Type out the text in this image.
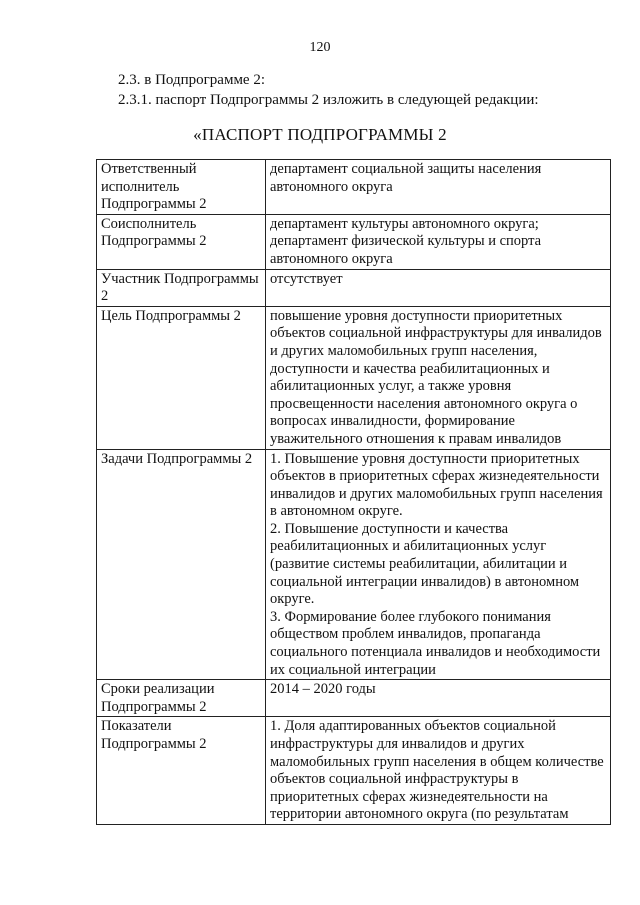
120

2.3. в Подпрограмме 2:

2.3.1. паспорт Подпрограммы 2 изложить в следующей редакции:

«ПАСПОРТ ПОДПРОГРАММЫ 2
Ответственный исполнитель Подпрограммы 2	департамент социальной защиты населения автономного округа
Соисполнитель Подпрограммы 2	департамент культуры автономного округа;
департамент физической культуры и спорта автономного округа
Участник Подпрограммы 2	отсутствует
Цель Подпрограммы 2	повышение уровня доступности приоритетных объектов социальной инфраструктуры для инвалидов и других маломобильных групп населения, доступности и качества реабилитационных и абилитационных услуг, а также уровня просвещенности населения автономного округа о вопросах инвалидности, формирование уважительного отношения к правам инвалидов
Задачи Подпрограммы 2	1. Повышение уровня доступности приоритетных объектов в приоритетных сферах жизнедеятельности инвалидов и других маломобильных групп населения в автономном округе.
2. Повышение доступности и качества реабилитационных и абилитационных услуг (развитие системы реабилитации, абилитации и социальной интеграции инвалидов) в автономном округе.
3. Формирование более глубокого понимания обществом проблем инвалидов, пропаганда социального потенциала инвалидов и необходимости их социальной интеграции
Сроки реализации Подпрограммы 2	2014 – 2020 годы

Показатели Подпрограммы 2	1. Доля адаптированных объектов социальной инфраструктуры для инвалидов и других маломобильных групп населения в общем количестве объектов социальной инфраструктуры в приоритетных сферах жизнедеятельности на территории автономного округа (по результатам
